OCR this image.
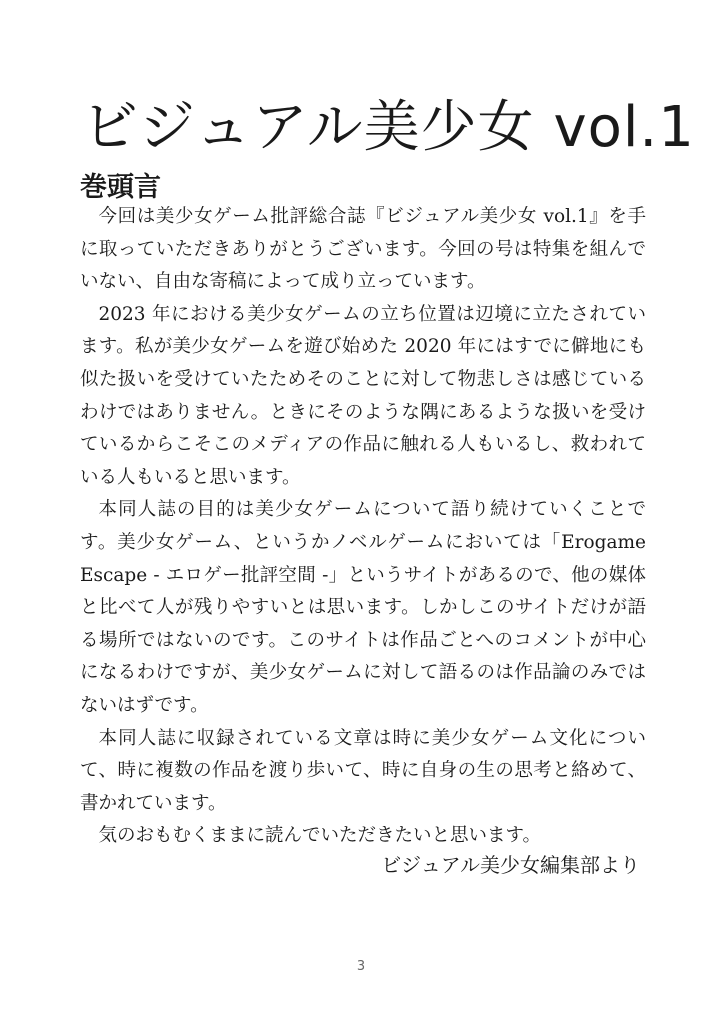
ビジュアル美少女 vol.1
巻頭言

今回は美少女ゲーム批評総合誌『ビジュアル美少女 vol.1』を手に取っていただきありがとうございます。今回の号は特集を組んでいない、自由な寄稿によって成り立っています。

2023 年における美少女ゲームの立ち位置は辺境に立たされています。私が美少女ゲームを遊び始めた 2020 年にはすでに僻地にも似た扱いを受けていたためそのことに対して物悲しさは感じているわけではありません。ときにそのような隅にあるような扱いを受けているからこそこのメディアの作品に触れる人もいるし、救われている人もいると思います。

本同人誌の目的は美少女ゲームについて語り続けていくことです。美少女ゲーム、というかノベルゲームにおいては「Erogame Escape - エロゲー批評空間 -」というサイトがあるので、他の媒体と比べて人が残りやすいとは思います。しかしこのサイトだけが語る場所ではないのです。このサイトは作品ごとへのコメントが中心になるわけですが、美少女ゲームに対して語るのは作品論のみではないはずです。

本同人誌に収録されている文章は時に美少女ゲーム文化について、時に複数の作品を渡り歩いて、時に自身の生の思考と絡めて、書かれています。

気のおもむくままに読んでいただきたいと思います。

ビジュアル美少女編集部より
3
